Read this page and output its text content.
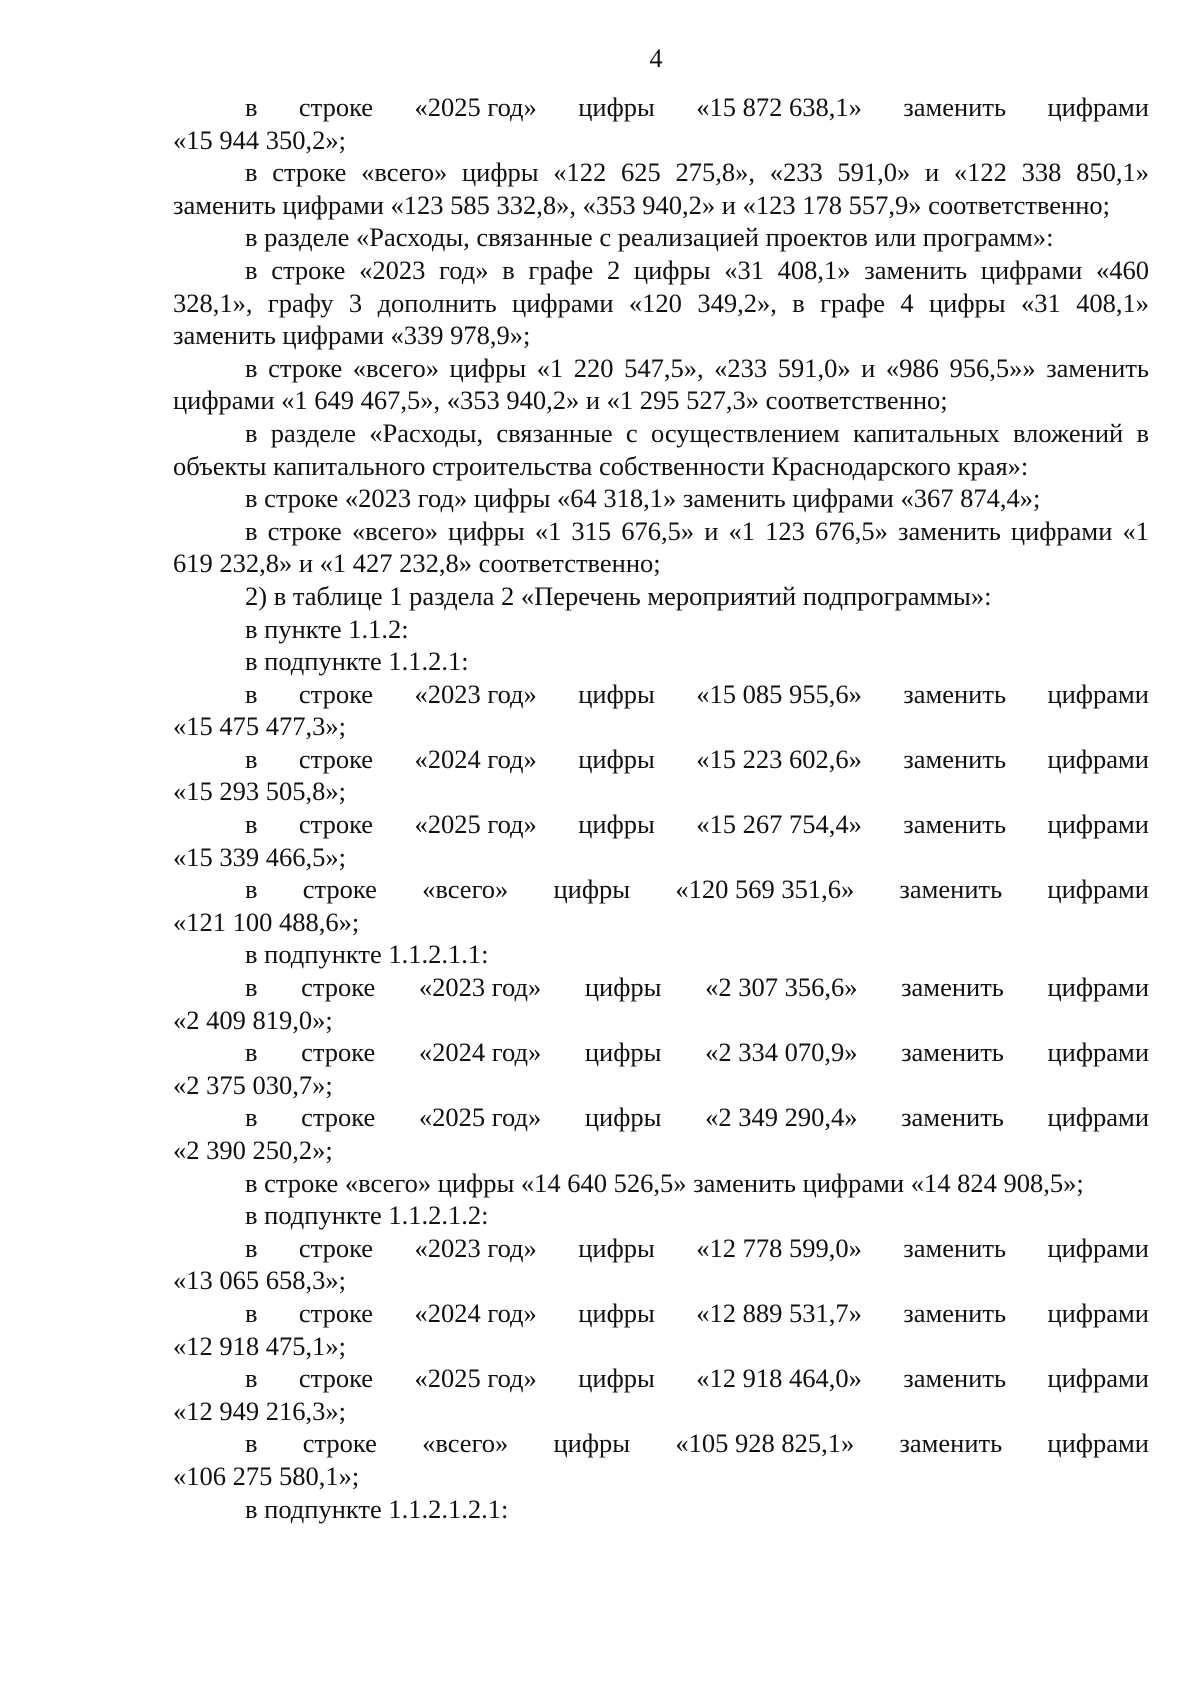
4
в строке «2025 год» цифры «15 872 638,1» заменить цифрами
«15 944 350,2»;

в строке «всего» цифры «122 625 275,8», «233 591,0» и «122 338 850,1» заменить цифрами «123 585 332,8», «353 940,2» и «123 178 557,9» соответственно;

в разделе «Расходы, связанные с реализацией проектов или программ»:

в строке «2023 год» в графе 2 цифры «31 408,1» заменить цифрами «460 328,1», графу 3 дополнить цифрами «120 349,2», в графе 4 цифры «31 408,1» заменить цифрами «339 978,9»;

в строке «всего» цифры «1 220 547,5», «233 591,0» и «986 956,5»» заменить цифрами «1 649 467,5», «353 940,2» и «1 295 527,3» соответственно;

в разделе «Расходы, связанные с осуществлением капитальных вложений в объекты капитального строительства собственности Краснодарского края»:

в строке «2023 год» цифры «64 318,1» заменить цифрами «367 874,4»;

в строке «всего» цифры «1 315 676,5» и «1 123 676,5» заменить цифрами «1 619 232,8» и «1 427 232,8» соответственно;

2) в таблице 1 раздела 2 «Перечень мероприятий подпрограммы»:

в пункте 1.1.2:

в подпункте 1.1.2.1:

в строке «2023 год» цифры «15 085 955,6» заменить цифрами
«15 475 477,3»;
в строке «2024 год» цифры «15 223 602,6» заменить цифрами
«15 293 505,8»;
в строке «2025 год» цифры «15 267 754,4» заменить цифрами
«15 339 466,5»;
в строке «всего» цифры «120 569 351,6» заменить цифрами
«121 100 488,6»;

в подпункте 1.1.2.1.1:

в строке «2023 год» цифры «2 307 356,6» заменить цифрами
«2 409 819,0»;
в строке «2024 год» цифры «2 334 070,9» заменить цифрами
«2 375 030,7»;
в строке «2025 год» цифры «2 349 290,4» заменить цифрами
«2 390 250,2»;

в строке «всего» цифры «14 640 526,5» заменить цифрами «14 824 908,5»;

в подпункте 1.1.2.1.2:

в строке «2023 год» цифры «12 778 599,0» заменить цифрами
«13 065 658,3»;
в строке «2024 год» цифры «12 889 531,7» заменить цифрами
«12 918 475,1»;
в строке «2025 год» цифры «12 918 464,0» заменить цифрами
«12 949 216,3»;
в строке «всего» цифры «105 928 825,1» заменить цифрами
«106 275 580,1»;

в подпункте 1.1.2.1.2.1:
